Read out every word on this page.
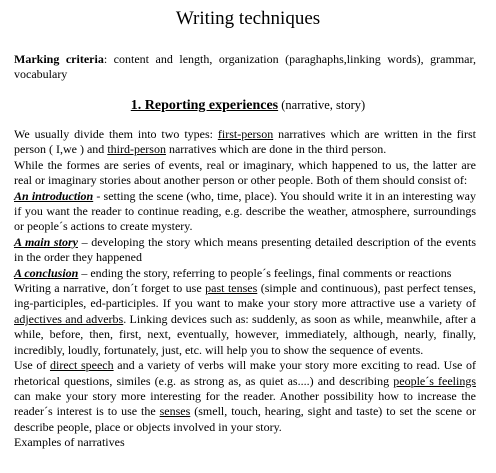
Writing techniques
Marking criteria: content and length, organization (paraghaphs,linking words), grammar, vocabulary
1. Reporting experiences (narrative, story)

We usually divide them into two types: first-person narratives which are written in the first person ( I,we ) and third-person narratives which are done in the third person.

While the formes are series of events, real or imaginary, which happened to us, the latter are real or imaginary stories about another person or other people. Both of them should consist of:

An introduction - setting the scene (who, time, place). You should write it in an interesting way if you want the reader to continue reading, e.g. describe the weather, atmosphere, surroundings or people´s actions to create mystery.

A main story – developing the story which means presenting detailed description of the events in the order they happened

A conclusion – ending the story, referring to people´s feelings, final comments or reactions

Writing a narrative, don´t forget to use past tenses (simple and continuous), past perfect tenses, ing-participles, ed-participles. If you want to make your story more attractive use a variety of adjectives and adverbs. Linking devices such as: suddenly, as soon as while, meanwhile, after a while, before, then, first, next, eventually, however, immediately, although, nearly, finally, incredibly, loudly, fortunately, just, etc. will help you to show the sequence of events.

Use of direct speech and a variety of verbs will make your story more exciting to read. Use of rhetorical questions, similes (e.g. as strong as, as quiet as....) and describing people´s feelings can make your story more interesting for the reader. Another possibility how to increase the reader´s interest is to use the senses (smell, touch, hearing, sight and taste) to set the scene or describe people, place or objects involved in your story.

Examples of narratives
